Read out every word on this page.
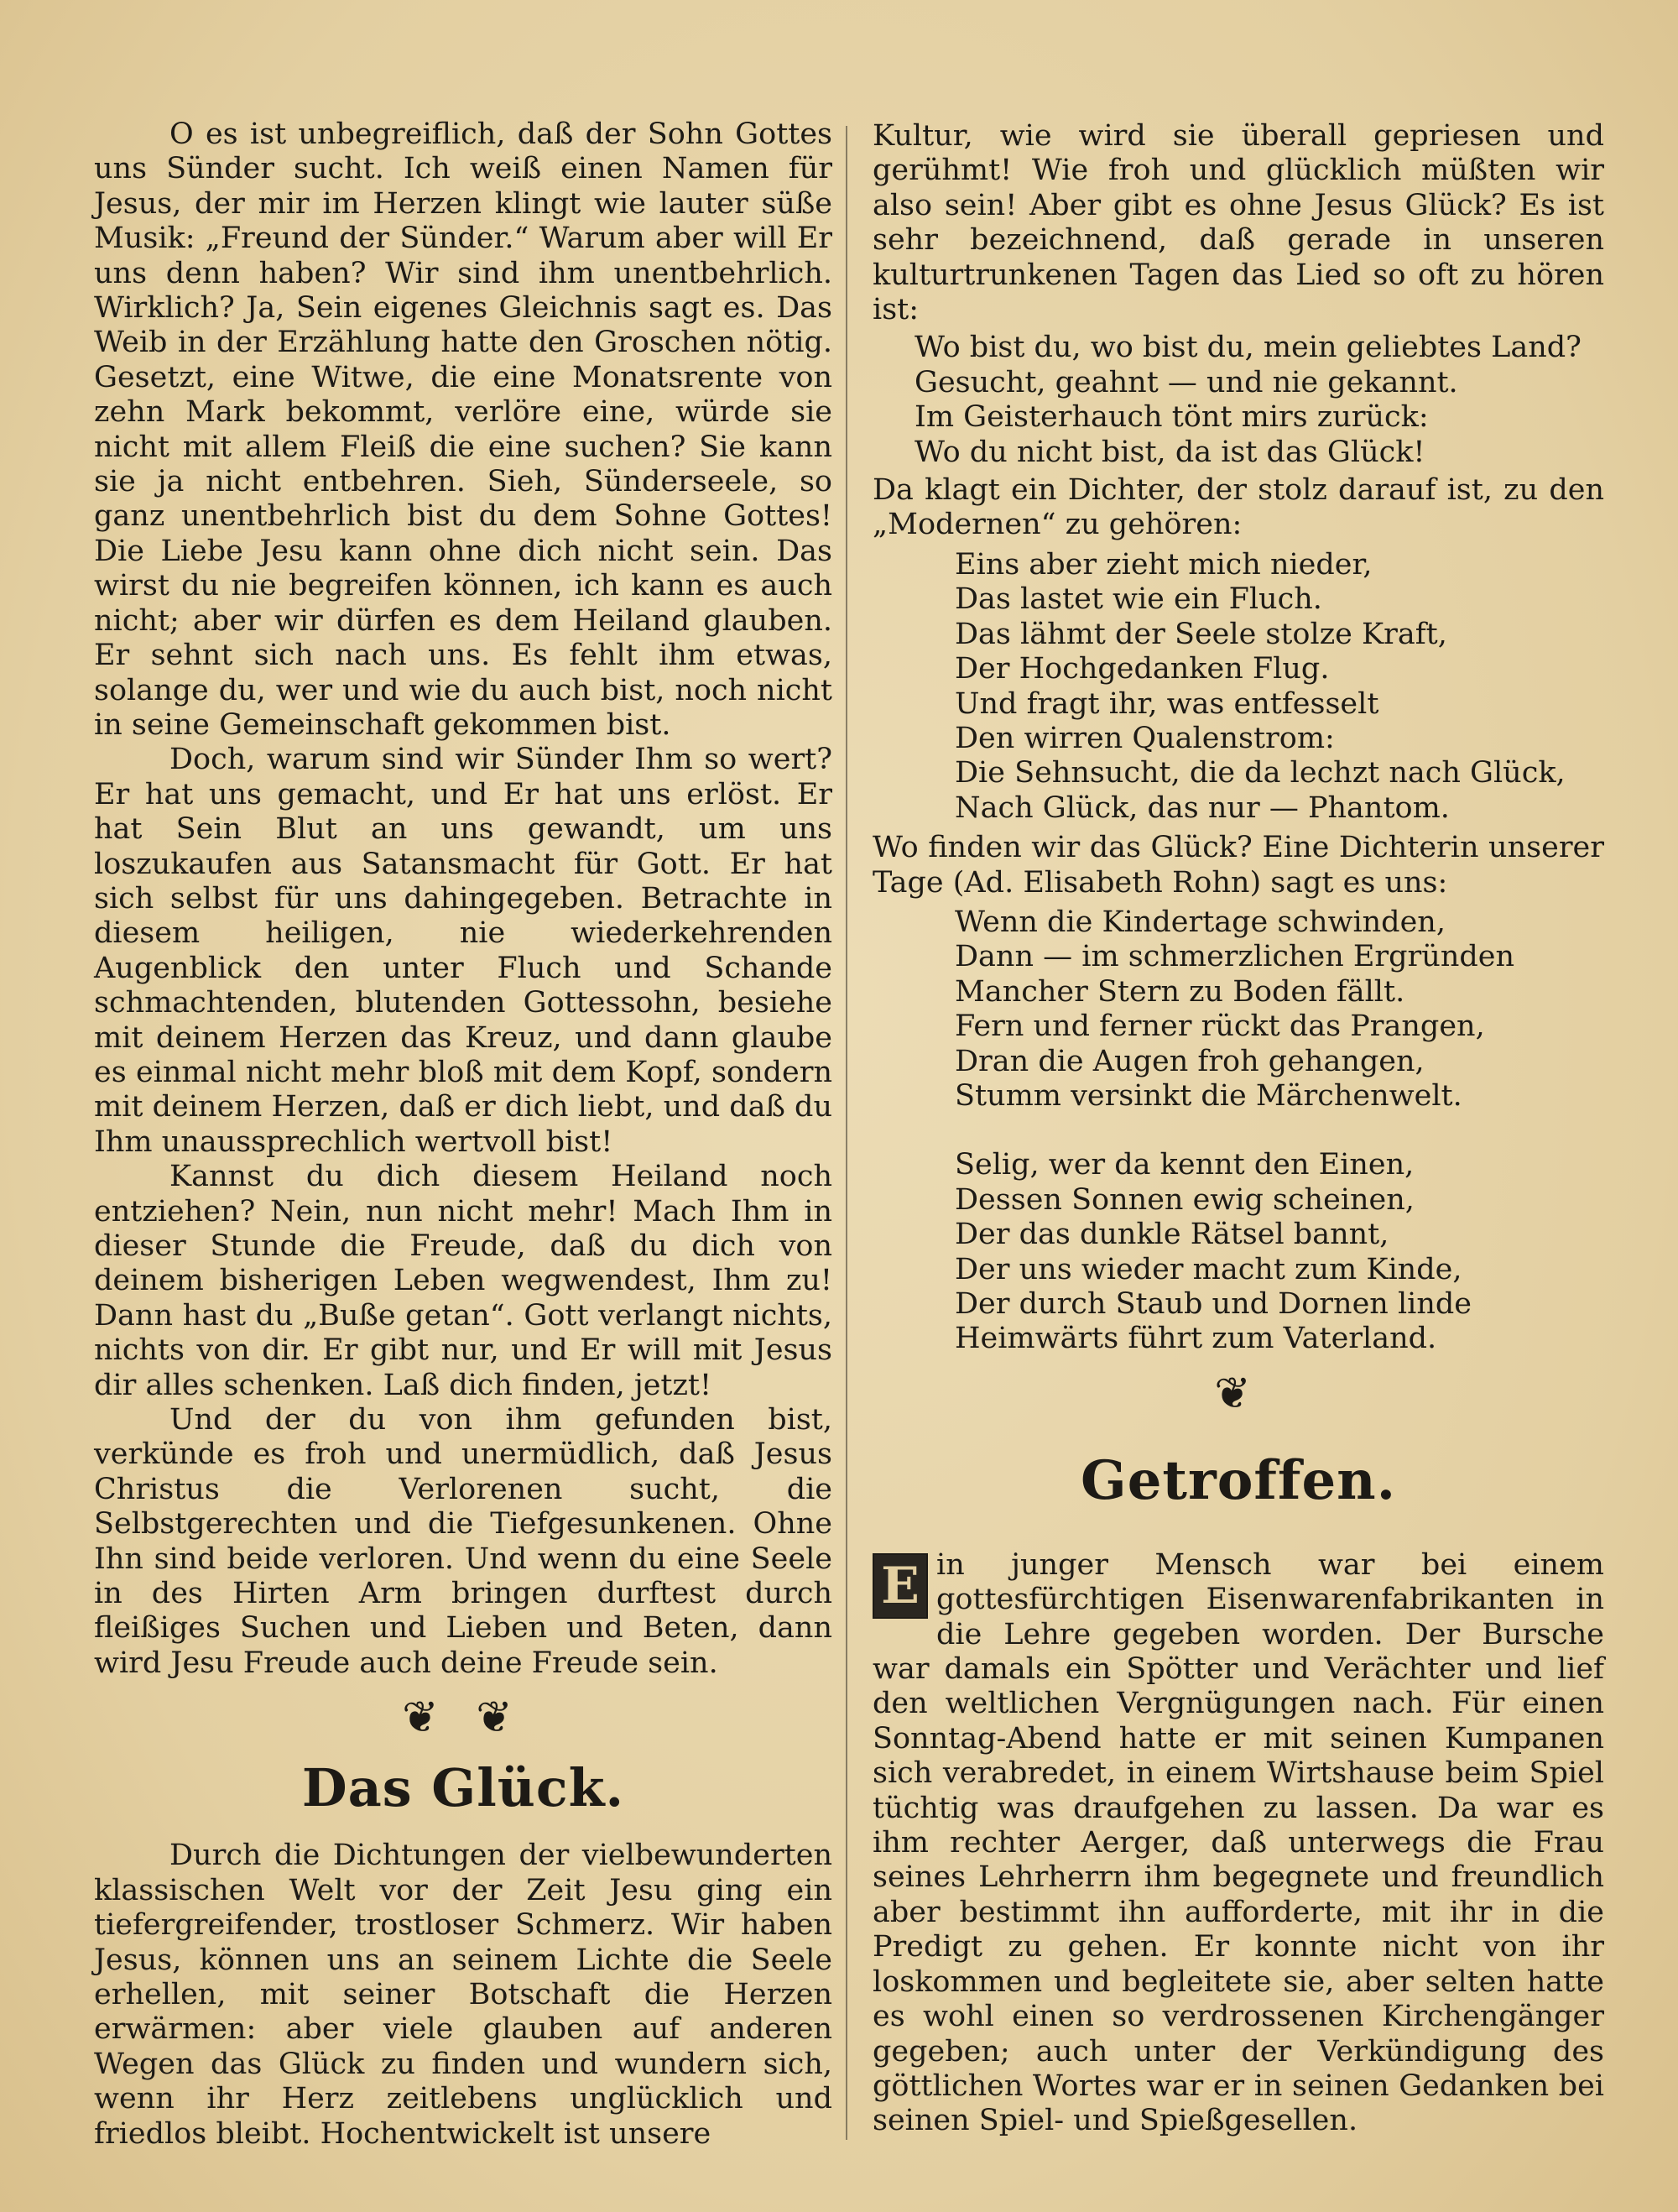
O es ist unbegreiflich, daß der Sohn Gottes uns Sünder sucht. Ich weiß einen Namen für Jesus, der mir im Herzen klingt wie lauter süße Musik: „Freund der Sünder.“ Warum aber will Er uns denn haben? Wir sind ihm unentbehrlich. Wirklich? Ja, Sein eigenes Gleichnis sagt es. Das Weib in der Erzählung hatte den Groschen nötig. Gesetzt, eine Witwe, die eine Monatsrente von zehn Mark bekommt, verlöre eine, würde sie nicht mit allem Fleiß die eine suchen? Sie kann sie ja nicht entbehren. Sieh, Sünderseele, so ganz unentbehrlich bist du dem Sohne Gottes! Die Liebe Jesu kann ohne dich nicht sein. Das wirst du nie begreifen können, ich kann es auch nicht; aber wir dürfen es dem Heiland glauben. Er sehnt sich nach uns. Es fehlt ihm etwas, solange du, wer und wie du auch bist, noch nicht in seine Gemeinschaft gekommen bist.

Doch, warum sind wir Sünder Ihm so wert? Er hat uns gemacht, und Er hat uns erlöst. Er hat Sein Blut an uns gewandt, um uns loszukaufen aus Satansmacht für Gott. Er hat sich selbst für uns dahingegeben. Betrachte in diesem heiligen, nie wiederkehrenden Augenblick den unter Fluch und Schande schmachtenden, blutenden Gottessohn, besiehe mit deinem Herzen das Kreuz, und dann glaube es einmal nicht mehr bloß mit dem Kopf, sondern mit deinem Herzen, daß er dich liebt, und daß du Ihm unaussprechlich wertvoll bist!

Kannst du dich diesem Heiland noch entziehen? Nein, nun nicht mehr! Mach Ihm in dieser Stunde die Freude, daß du dich von deinem bisherigen Leben wegwendest, Ihm zu! Dann hast du „Buße getan“. Gott verlangt nichts, nichts von dir. Er gibt nur, und Er will mit Jesus dir alles schenken. Laß dich finden, jetzt!

Und der du von ihm gefunden bist, verkünde es froh und unermüdlich, daß Jesus Christus die Verlorenen sucht, die Selbstgerechten und die Tiefgesunkenen. Ohne Ihn sind beide verloren. Und wenn du eine Seele in des Hirten Arm bringen durftest durch fleißiges Suchen und Lieben und Beten, dann wird Jesu Freude auch deine Freude sein.

❦ ❦
Das Glück.

Durch die Dichtungen der vielbewunderten klassischen Welt vor der Zeit Jesu ging ein tiefergreifender, trostloser Schmerz. Wir haben Jesus, können uns an seinem Lichte die Seele erhellen, mit seiner Botschaft die Herzen erwärmen: aber viele glauben auf anderen Wegen das Glück zu finden und wundern sich, wenn ihr Herz zeitlebens unglücklich und friedlos bleibt. Hochentwickelt ist unsere

Kultur, wie wird sie überall gepriesen und gerühmt! Wie froh und glücklich müßten wir also sein! Aber gibt es ohne Jesus Glück? Es ist sehr bezeichnend, daß gerade in unseren kulturtrunkenen Tagen das Lied so oft zu hören ist:

Wo bist du, wo bist du, mein geliebtes Land?
Gesucht, geahnt — und nie gekannt.
Im Geisterhauch tönt mirs zurück:
Wo du nicht bist, da ist das Glück!

Da klagt ein Dichter, der stolz darauf ist, zu den „Modernen“ zu gehören:

Eins aber zieht mich nieder,
Das lastet wie ein Fluch.
Das lähmt der Seele stolze Kraft,
Der Hochgedanken Flug.
Und fragt ihr, was entfesselt
Den wirren Qualenstrom:
Die Sehnsucht, die da lechzt nach Glück,
Nach Glück, das nur — Phantom.

Wo finden wir das Glück? Eine Dichterin unserer Tage (Ad. Elisabeth Rohn) sagt es uns:

Wenn die Kindertage schwinden,
Dann — im schmerzlichen Ergründen
Mancher Stern zu Boden fällt.
Fern und ferner rückt das Prangen,
Dran die Augen froh gehangen,
Stumm versinkt die Märchenwelt.
Selig, wer da kennt den Einen,
Dessen Sonnen ewig scheinen,
Der das dunkle Rätsel bannt,
Der uns wieder macht zum Kinde,
Der durch Staub und Dornen linde
Heimwärts führt zum Vaterland.
❦
Getroffen.

E in junger Mensch war bei einem gottesfürchtigen Eisenwarenfabrikanten in die Lehre gegeben worden. Der Bursche war damals ein Spötter und Verächter und lief den weltlichen Vergnügungen nach. Für einen Sonntag-Abend hatte er mit seinen Kumpanen sich verabredet, in einem Wirtshause beim Spiel tüchtig was draufgehen zu lassen. Da war es ihm rechter Aerger, daß unterwegs die Frau seines Lehrherrn ihm begegnete und freundlich aber bestimmt ihn aufforderte, mit ihr in die Predigt zu gehen. Er konnte nicht von ihr loskommen und begleitete sie, aber selten hatte es wohl einen so verdrossenen Kirchengänger gegeben; auch unter der Verkündigung des göttlichen Wortes war er in seinen Gedanken bei seinen Spiel- und Spießgesellen.
